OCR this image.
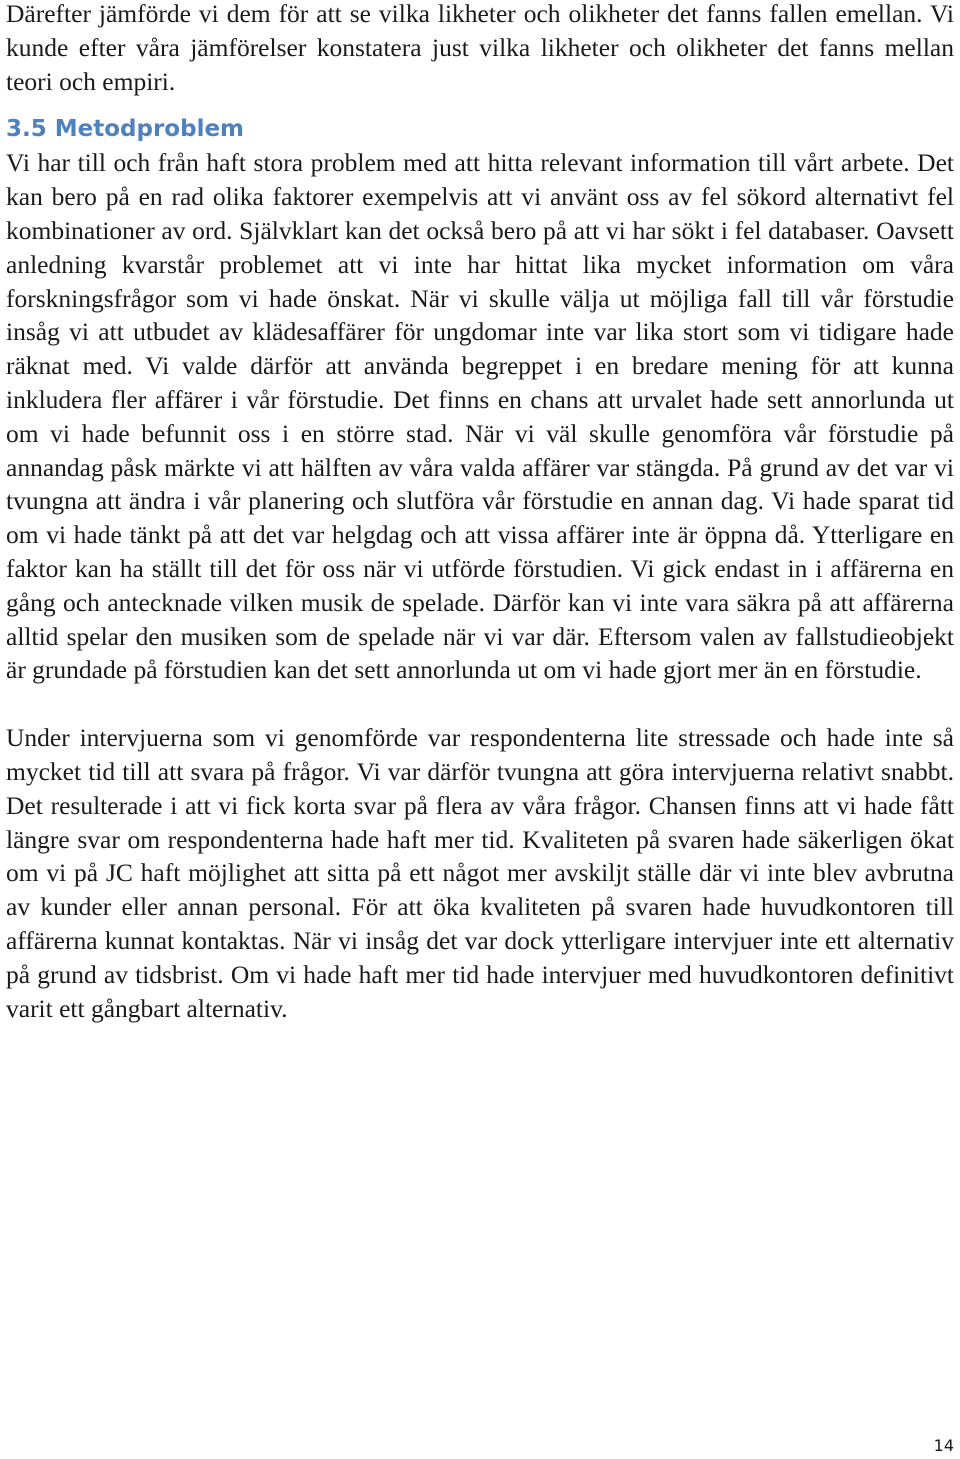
Därefter jämförde vi dem för att se vilka likheter och olikheter det fanns fallen emellan. Vi kunde efter våra jämförelser konstatera just vilka likheter och olikheter det fanns mellan teori och empiri.

3.5 Metodproblem

Vi har till och från haft stora problem med att hitta relevant information till vårt arbete. Det kan bero på en rad olika faktorer exempelvis att vi använt oss av fel sökord alternativt fel kombinationer av ord. Självklart kan det också bero på att vi har sökt i fel databaser. Oavsett anledning kvarstår problemet att vi inte har hittat lika mycket information om våra forskningsfrågor som vi hade önskat. När vi skulle välja ut möjliga fall till vår förstudie insåg vi att utbudet av klädesaffärer för ungdomar inte var lika stort som vi tidigare hade räknat med. Vi valde därför att använda begreppet i en bredare mening för att kunna inkludera fler affärer i vår förstudie. Det finns en chans att urvalet hade sett annorlunda ut om vi hade befunnit oss i en större stad. När vi väl skulle genomföra vår förstudie på annandag påsk märkte vi att hälften av våra valda affärer var stängda. På grund av det var vi tvungna att ändra i vår planering och slutföra vår förstudie en annan dag. Vi hade sparat tid om vi hade tänkt på att det var helgdag och att vissa affärer inte är öppna då. Ytterligare en faktor kan ha ställt till det för oss när vi utförde förstudien. Vi gick endast in i affärerna en gång och antecknade vilken musik de spelade. Därför kan vi inte vara säkra på att affärerna alltid spelar den musiken som de spelade när vi var där. Eftersom valen av fallstudieobjekt är grundade på förstudien kan det sett annorlunda ut om vi hade gjort mer än en förstudie.

Under intervjuerna som vi genomförde var respondenterna lite stressade och hade inte så mycket tid till att svara på frågor. Vi var därför tvungna att göra intervjuerna relativt snabbt. Det resulterade i att vi fick korta svar på flera av våra frågor. Chansen finns att vi hade fått längre svar om respondenterna hade haft mer tid. Kvaliteten på svaren hade säkerligen ökat om vi på JC haft möjlighet att sitta på ett något mer avskiljt ställe där vi inte blev avbrutna av kunder eller annan personal. För att öka kvaliteten på svaren hade huvudkontoren till affärerna kunnat kontaktas. När vi insåg det var dock ytterligare intervjuer inte ett alternativ på grund av tidsbrist. Om vi hade haft mer tid hade intervjuer med huvudkontoren definitivt varit ett gångbart alternativ.

14
